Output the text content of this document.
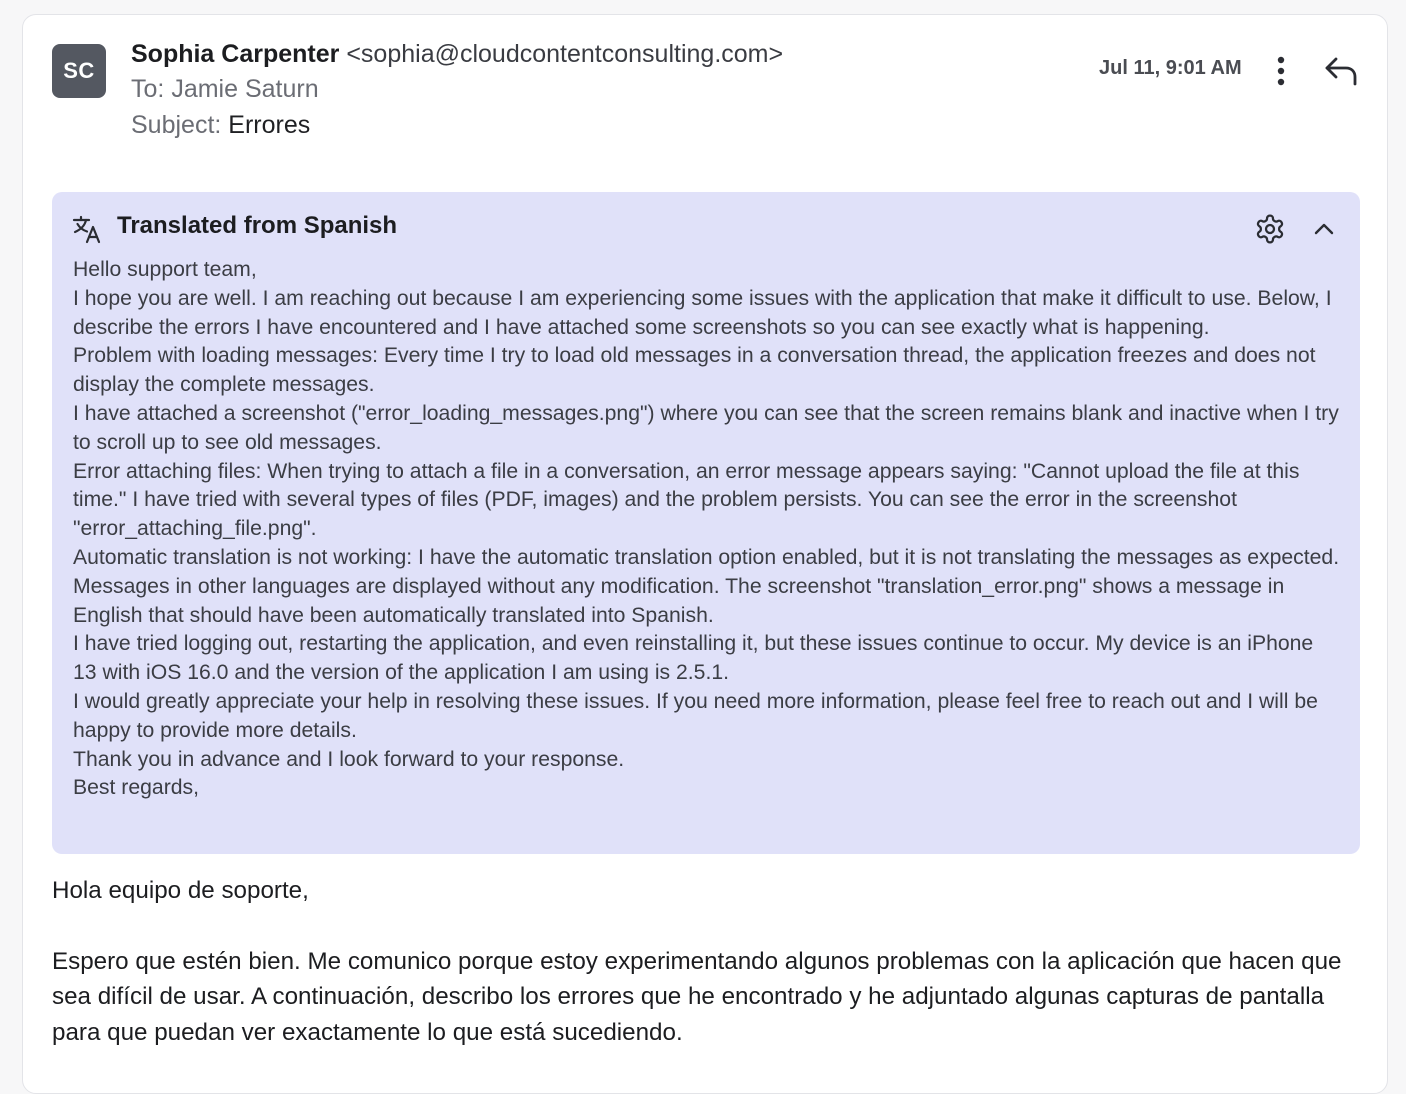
SC
Sophia Carpenter <sophia@cloudcontentconsulting.com>
To: Jamie Saturn
Subject: Errores
Jul 11, 9:01 AM
Translated from Spanish

Hello support team,

I hope you are well. I am reaching out because I am experiencing some issues with the application that make it difficult to use. Below, I describe the errors I have encountered and I have attached some screenshots so you can see exactly what is happening.

Problem with loading messages: Every time I try to load old messages in a conversation thread, the application freezes and does not display the complete messages.

I have attached a screenshot ("error_loading_messages.png") where you can see that the screen remains blank and inactive when I try to scroll up to see old messages.

Error attaching files: When trying to attach a file in a conversation, an error message appears saying: "Cannot upload the file at this time." I have tried with several types of files (PDF, images) and the problem persists. You can see the error in the screenshot "error_attaching_file.png".

Automatic translation is not working: I have the automatic translation option enabled, but it is not translating the messages as expected. Messages in other languages are displayed without any modification. The screenshot "translation_error.png" shows a message in English that should have been automatically translated into Spanish.

I have tried logging out, restarting the application, and even reinstalling it, but these issues continue to occur. My device is an iPhone 13 with iOS 16.0 and the version of the application I am using is 2.5.1.

I would greatly appreciate your help in resolving these issues. If you need more information, please feel free to reach out and I will be happy to provide more details.

Thank you in advance and I look forward to your response.

Best regards,

Hola equipo de soporte,

Espero que estén bien. Me comunico porque estoy experimentando algunos problemas con la aplicación que hacen que sea difícil de usar. A continuación, describo los errores que he encontrado y he adjuntado algunas capturas de pantalla para que puedan ver exactamente lo que está sucediendo.
